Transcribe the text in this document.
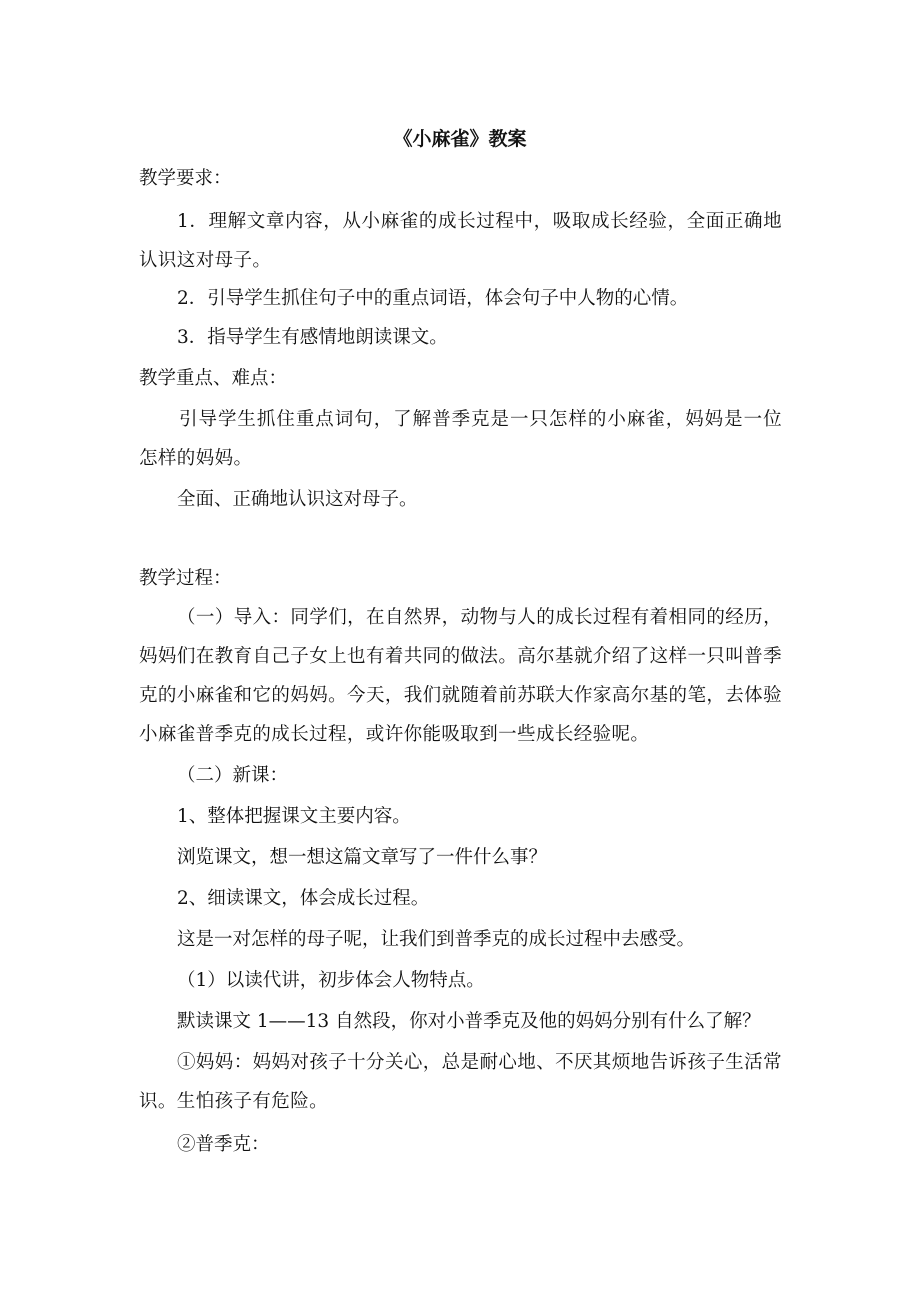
《小麻雀》教案
教学要求：
1．理解文章内容，从小麻雀的成长过程中，吸取成长经验，全面正确地认识这对母子。
2．引导学生抓住句子中的重点词语，体会句子中人物的心情。
3．指导学生有感情地朗读课文。
教学重点、难点：
引导学生抓住重点词句，了解普季克是一只怎样的小麻雀，妈妈是一位怎样的妈妈。
全面、正确地认识这对母子。
教学过程：
（一）导入：同学们，在自然界，动物与人的成长过程有着相同的经历，妈妈们在教育自己子女上也有着共同的做法。高尔基就介绍了这样一只叫普季克的小麻雀和它的妈妈。今天，我们就随着前苏联大作家高尔基的笔，去体验小麻雀普季克的成长过程，或许你能吸取到一些成长经验呢。
（二）新课：
1、整体把握课文主要内容。
浏览课文，想一想这篇文章写了一件什么事？
2、细读课文，体会成长过程。
这是一对怎样的母子呢，让我们到普季克的成长过程中去感受。
（1）以读代讲，初步体会人物特点。
默读课文 1——13 自然段，你对小普季克及他的妈妈分别有什么了解？
①妈妈：妈妈对孩子十分关心，总是耐心地、不厌其烦地告诉孩子生活常识。生怕孩子有危险。
②普季克：
